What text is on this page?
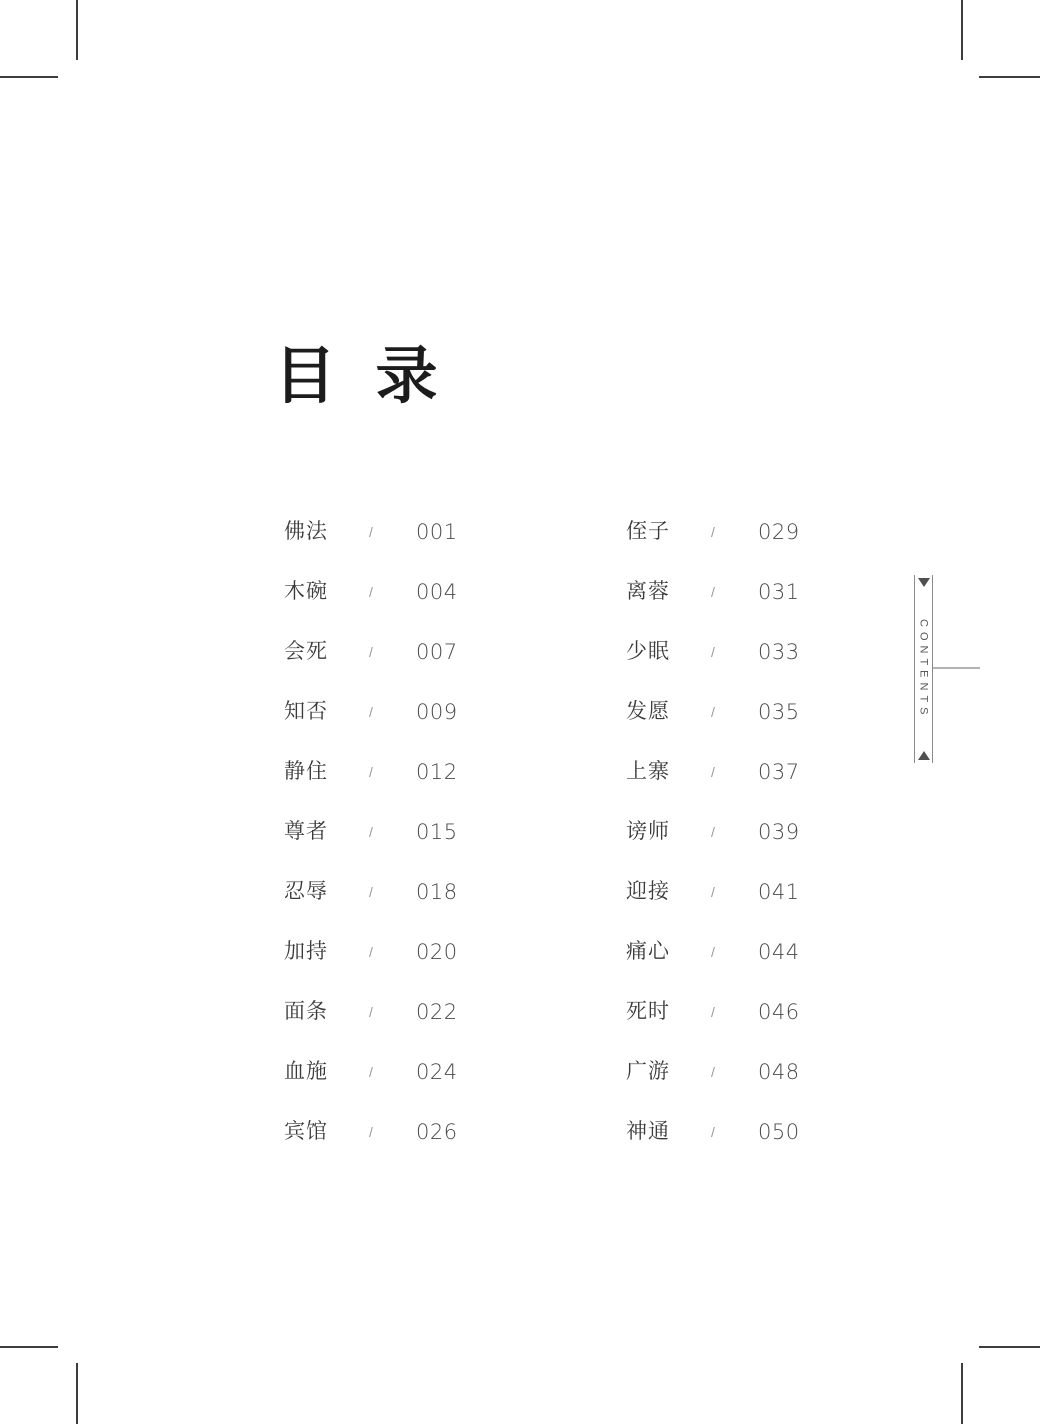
目 录
佛法	/	001
木碗	/	004
会死	/	007
知否	/	009
静住	/	012
尊者	/	015
忍辱	/	018
加持	/	020
面条	/	022
血施	/	024
宾馆	/	026
侄子	/	029
离蓉	/	031
少眠	/	033
发愿	/	035
上寨	/	037
谤师	/	039
迎接	/	041
痛心	/	044
死时	/	046
广游	/	048
神通	/	050
CONTENTS
